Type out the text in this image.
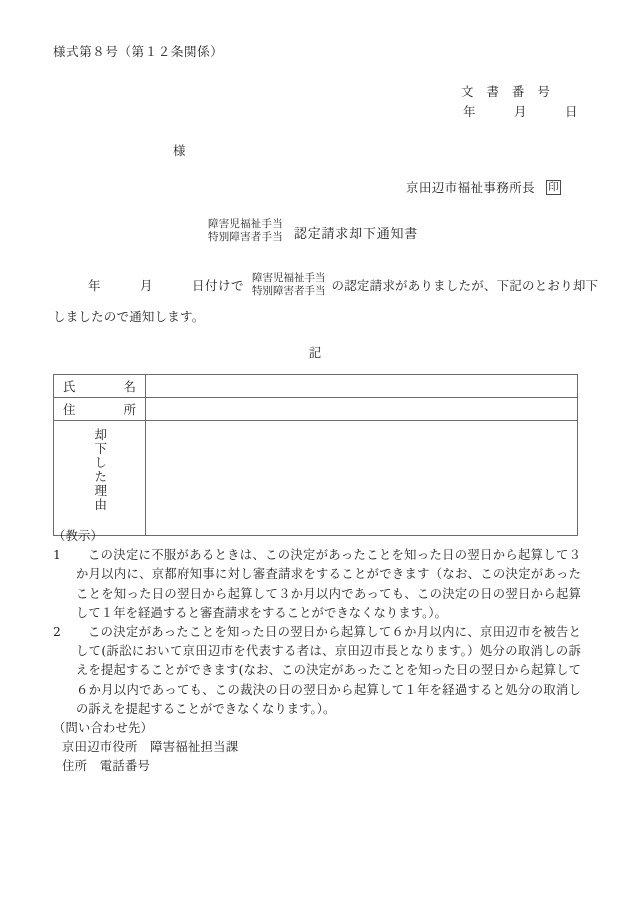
様式第８号（第１２条関係）
文 書 番 号
年　　月　　日
様
京田辺市福祉事務所長 印
障害児福祉手当
特別障害者手当 認定請求却下通知書
年　　　月　　　日付けで 障害児福祉手当
特別障害者手当 の認定請求がありましたが、下記のとおり却下
しましたので通知します。
記
氏 名	

住 所	

却下した理由	

（教示）
1	この決定に不服があるときは、この決定があったことを知った日の翌日から起算して３か月以内に、京都府知事に対し審査請求をすることができます（なお、この決定があったことを知った日の翌日から起算して３か月以内であっても、この決定の日の翌日から起算して１年を経過すると審査請求をすることができなくなります。）。
2	この決定があったことを知った日の翌日から起算して６か月以内に、京田辺市を被告として(訴訟において京田辺市を代表する者は、京田辺市長となります。）処分の取消しの訴えを提起することができます(なお、この決定があったことを知った日の翌日から起算して６か月以内であっても、この裁決の日の翌日から起算して１年を経過すると処分の取消しの訴えを提起することができなくなります。）。
（問い合わせ先）
京田辺市役所　障害福祉担当課
住所　電話番号
